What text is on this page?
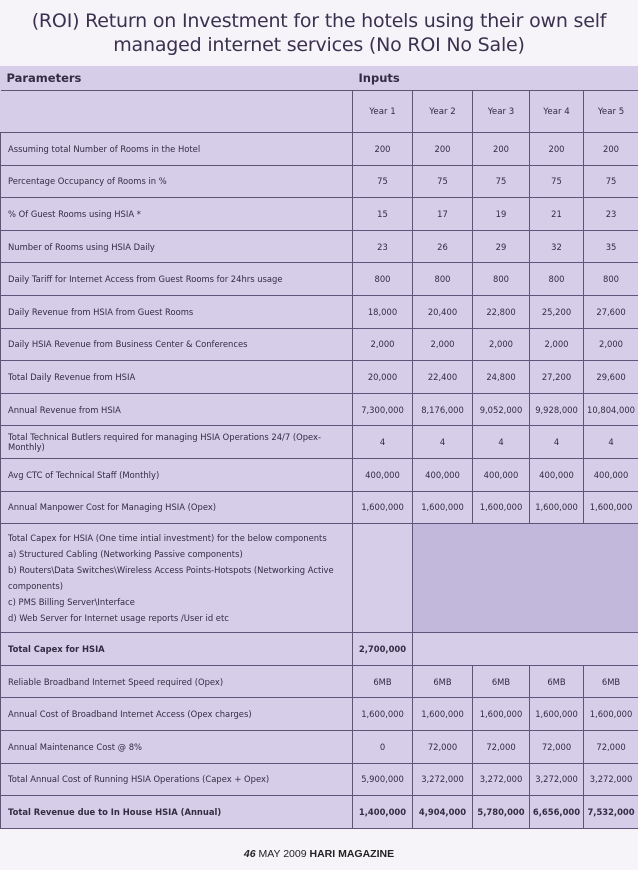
(ROI) Return on Investment for the hotels using their own self
managed internet services (No ROI No Sale)
Parameters	Inputs				
	Year 1	Year 2	Year 3	Year 4	Year 5
Assuming total Number of Rooms in the Hotel	200	200	200	200	200
Percentage Occupancy of Rooms in %	75	75	75	75	75
% Of Guest Rooms using HSIA *	15	17	19	21	23
Number of Rooms using HSIA Daily	23	26	29	32	35
Daily Tariff for Internet Access from Guest Rooms for 24hrs usage	800	800	800	800	800
Daily Revenue from HSIA from Guest Rooms	18,000	20,400	22,800	25,200	27,600
Daily HSIA Revenue from Business Center & Conferences	2,000	2,000	2,000	2,000	2,000
Total Daily Revenue from HSIA	20,000	22,400	24,800	27,200	29,600
Annual Revenue from HSIA	7,300,000	8,176,000	9,052,000	9,928,000	10,804,000
Total Technical Butlers required for managing HSIA Operations 24/7 (Opex-Monthly)	4	4	4	4	4
Avg CTC of Technical Staff (Monthly)	400,000	400,000	400,000	400,000	400,000
Annual Manpower Cost for Managing HSIA (Opex)	1,600,000	1,600,000	1,600,000	1,600,000	1,600,000

Total Capex for HSIA (One time intial investment) for the below components
a) Structured Cabling (Networking Passive components)
b) Routers\Data Switches\Wireless Access Points-Hotspots (Networking Active components)
c) PMS Billing Server\Interface
d) Web Server for Internet usage reports /User id etc					

Total Capex for HSIA	2,700,000				
Reliable Broadband Internet Speed required (Opex)	6MB	6MB	6MB	6MB	6MB
Annual Cost of Broadband Internet Access (Opex charges)	1,600,000	1,600,000	1,600,000	1,600,000	1,600,000
Annual Maintenance Cost @ 8%	0	72,000	72,000	72,000	72,000
Total Annual Cost of Running HSIA Operations (Capex + Opex)	5,900,000	3,272,000	3,272,000	3,272,000	3,272,000
Total Revenue due to In House HSIA (Annual)	1,400,000	4,904,000	5,780,000	6,656,000	7,532,000
46 MAY 2009 HARI MAGAZINE
